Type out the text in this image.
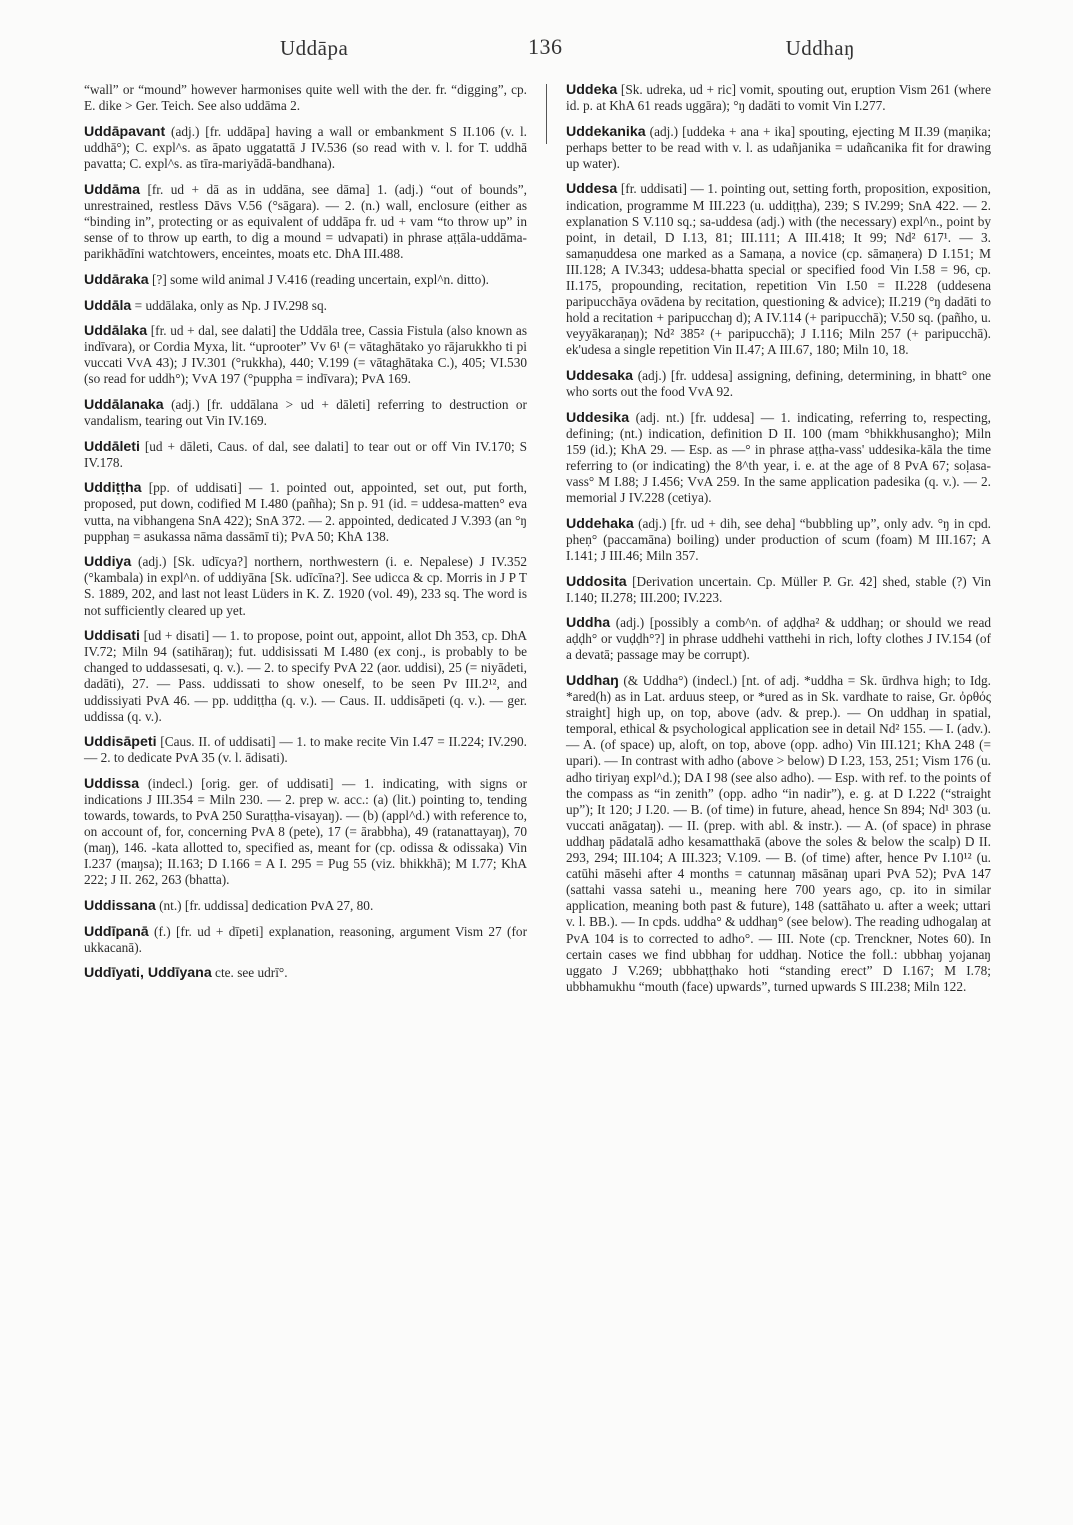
Uddāpa	136	Uddhaŋ

“wall” or “mound” however harmonises quite well with the der. fr. “digging”, cp. E. dike > Ger. Teich. See also uddāma 2.

Uddāpavant (adj.) [fr. uddāpa] having a wall or embankment S II.106 (v. l. uddhā°); C. expl^s. as āpato uggatattā J IV.536 (so read with v. l. for T. uddhā pavatta; C. expl^s. as tīra-mariyādā-bandhana).

Uddāma [fr. ud + dā as in uddāna, see dāma] 1. (adj.) “out of bounds”, unrestrained, restless Dāvs V.56 (°sāgara). — 2. (n.) wall, enclosure (either as “binding in”, protecting or as equivalent of uddāpa fr. ud + vam “to throw up” in sense of to throw up earth, to dig a mound = udvapati) in phrase aṭṭāla-uddāma-parikhādīni watchtowers, enceintes, moats etc. DhA III.488.

Uddāraka [?] some wild animal J V.416 (reading uncertain, expl^n. ditto).

Uddāla = uddālaka, only as Np. J IV.298 sq.

Uddālaka [fr. ud + dal, see dalati] the Uddāla tree, Cassia Fistula (also known as indīvara), or Cordia Myxa, lit. “uprooter” Vv 6¹ (= vātaghātako yo rājarukkho ti pi vuccati VvA 43); J IV.301 (°rukkha), 440; V.199 (= vātaghātaka C.), 405; VI.530 (so read for uddh°); VvA 197 (°puppha = indīvara); PvA 169.

Uddālanaka (adj.) [fr. uddālana > ud + dāleti] referring to destruction or vandalism, tearing out Vin IV.169.

Uddāleti [ud + dāleti, Caus. of dal, see dalati] to tear out or off Vin IV.170; S IV.178.

Uddiṭṭha [pp. of uddisati] — 1. pointed out, appointed, set out, put forth, proposed, put down, codified M I.480 (pañha); Sn p. 91 (id. = uddesa-matten° eva vutta, na vibhangena SnA 422); SnA 372. — 2. appointed, dedicated J V.393 (an °ŋ pupphaŋ = asukassa nāma dassāmī ti); PvA 50; KhA 138.

Uddiya (adj.) [Sk. udīcya?] northern, northwestern (i. e. Nepalese) J IV.352 (°kambala) in expl^n. of uddiyāna [Sk. udīcīna?]. See udicca & cp. Morris in J P T S. 1889, 202, and last not least Lüders in K. Z. 1920 (vol. 49), 233 sq. The word is not sufficiently cleared up yet.

Uddisati [ud + disati] — 1. to propose, point out, appoint, allot Dh 353, cp. DhA IV.72; Miln 94 (satihāraŋ); fut. uddisissati M I.480 (ex conj., is probably to be changed to uddassesati, q. v.). — 2. to specify PvA 22 (aor. uddisi), 25 (= niyādeti, dadāti), 27. — Pass. uddissati to show oneself, to be seen Pv III.2¹², and uddissiyati PvA 46. — pp. uddiṭṭha (q. v.). — Caus. II. uddisāpeti (q. v.). — ger. uddissa (q. v.).

Uddisāpeti [Caus. II. of uddisati] — 1. to make recite Vin I.47 = II.224; IV.290. — 2. to dedicate PvA 35 (v. l. ādisati).

Uddissa (indecl.) [orig. ger. of uddisati] — 1. indicating, with signs or indications J III.354 = Miln 230. — 2. prep w. acc.: (a) (lit.) pointing to, tending towards, towards, to PvA 250 Suraṭṭha-visayaŋ). — (b) (appl^d.) with reference to, on account of, for, concerning PvA 8 (pete), 17 (= ārabbha), 49 (ratanattayaŋ), 70 (maŋ), 146. -kata allotted to, specified as, meant for (cp. odissa & odissaka) Vin I.237 (maŋsa); II.163; D I.166 = A I. 295 = Pug 55 (viz. bhikkhā); M I.77; KhA 222; J II. 262, 263 (bhatta).

Uddissana (nt.) [fr. uddissa] dedication PvA 27, 80.

Uddīpanā (f.) [fr. ud + dīpeti] explanation, reasoning, argument Vism 27 (for ukkacanā).

Uddīyati, Uddīyana cte. see udrī°.

Uddeka [Sk. udreka, ud + ric] vomit, spouting out, eruption Vism 261 (where id. p. at KhA 61 reads uggāra); °ŋ dadāti to vomit Vin I.277.

Uddekanika (adj.) [uddeka + ana + ika] spouting, ejecting M II.39 (maṇika; perhaps better to be read with v. l. as udañjanika = udañcanika fit for drawing up water).

Uddesa [fr. uddisati] — 1. pointing out, setting forth, proposition, exposition, indication, programme M III.223 (u. uddiṭṭha), 239; S IV.299; SnA 422. — 2. explanation S V.110 sq.; sa-uddesa (adj.) with (the necessary) expl^n., point by point, in detail, D I.13, 81; III.111; A III.418; It 99; Nd² 617¹. — 3. samaṇuddesa one marked as a Samaṇa, a novice (cp. sāmaṇera) D I.151; M III.128; A IV.343; uddesa-bhatta special or specified food Vin I.58 = 96, cp. II.175, propounding, recitation, repetition Vin I.50 = II.228 (uddesena paripucchāya ovādena by recitation, questioning & advice); II.219 (°ŋ dadāti to hold a recitation + paripucchaŋ d); A IV.114 (+ paripucchā); V.50 sq. (pañho, u. veyyākaraṇaŋ); Nd² 385² (+ paripucchā); J I.116; Miln 257 (+ paripucchā). ek'udesa a single repetition Vin II.47; A III.67, 180; Miln 10, 18.

Uddesaka (adj.) [fr. uddesa] assigning, defining, determining, in bhatt° one who sorts out the food VvA 92.

Uddesika (adj. nt.) [fr. uddesa] — 1. indicating, referring to, respecting, defining; (nt.) indication, definition D II. 100 (mam °bhikkhusangho); Miln 159 (id.); KhA 29. — Esp. as —° in phrase aṭṭha-vass' uddesika-kāla the time referring to (or indicating) the 8^th year, i. e. at the age of 8 PvA 67; soḷasa-vass° M I.88; J I.456; VvA 259. In the same application padesika (q. v.). — 2. memorial J IV.228 (cetiya).

Uddehaka (adj.) [fr. ud + dih, see deha] “bubbling up”, only adv. °ŋ in cpd. pheṇ° (paccamāna) boiling) under production of scum (foam) M III.167; A I.141; J III.46; Miln 357.

Uddosita [Derivation uncertain. Cp. Müller P. Gr. 42] shed, stable (?) Vin I.140; II.278; III.200; IV.223.

Uddha (adj.) [possibly a comb^n. of aḍḍha² & uddhaŋ; or should we read aḍḍh° or vuḍḍh°?] in phrase uddhehi vatthehi in rich, lofty clothes J IV.154 (of a devatā; passage may be corrupt).

Uddhaŋ (& Uddha°) (indecl.) [nt. of adj. *uddha = Sk. ūrdhva high; to Idg. *ared(h) as in Lat. arduus steep, or *ured as in Sk. vardhate to raise, Gr. ὀρθός straight] high up, on top, above (adv. & prep.). — On uddhaŋ in spatial, temporal, ethical & psychological application see in detail Nd² 155. — I. (adv.). — A. (of space) up, aloft, on top, above (opp. adho) Vin III.121; KhA 248 (= upari). — In contrast with adho (above > below) D I.23, 153, 251; Vism 176 (u. adho tiriyaŋ expl^d.); DA I 98 (see also adho). — Esp. with ref. to the points of the compass as “in zenith” (opp. adho “in nadir”), e. g. at D I.222 (“straight up”); It 120; J I.20. — B. (of time) in future, ahead, hence Sn 894; Nd¹ 303 (u. vuccati anāgataŋ). — II. (prep. with abl. & instr.). — A. (of space) in phrase uddhaŋ pādatalā adho kesamatthakā (above the soles & below the scalp) D II. 293, 294; III.104; A III.323; V.109. — B. (of time) after, hence Pv I.10¹² (u. catūhi māsehi after 4 months = catunnaŋ māsānaŋ upari PvA 52); PvA 147 (sattahi vassa satehi u., meaning here 700 years ago, cp. ito in similar application, meaning both past & future), 148 (sattāhato u. after a week; uttari v. l. BB.). — In cpds. uddha° & uddhaŋ° (see below). The reading udhogalaŋ at PvA 104 is to corrected to adho°. — III. Note (cp. Trenckner, Notes 60). In certain cases we find ubbhaŋ for uddhaŋ. Notice the foll.: ubbhaŋ yojanaŋ uggato J V.269; ubbhaṭṭhako hoti “standing erect” D I.167; M I.78; ubbhamukhu “mouth (face) upwards”, turned upwards S III.238; Miln 122.
